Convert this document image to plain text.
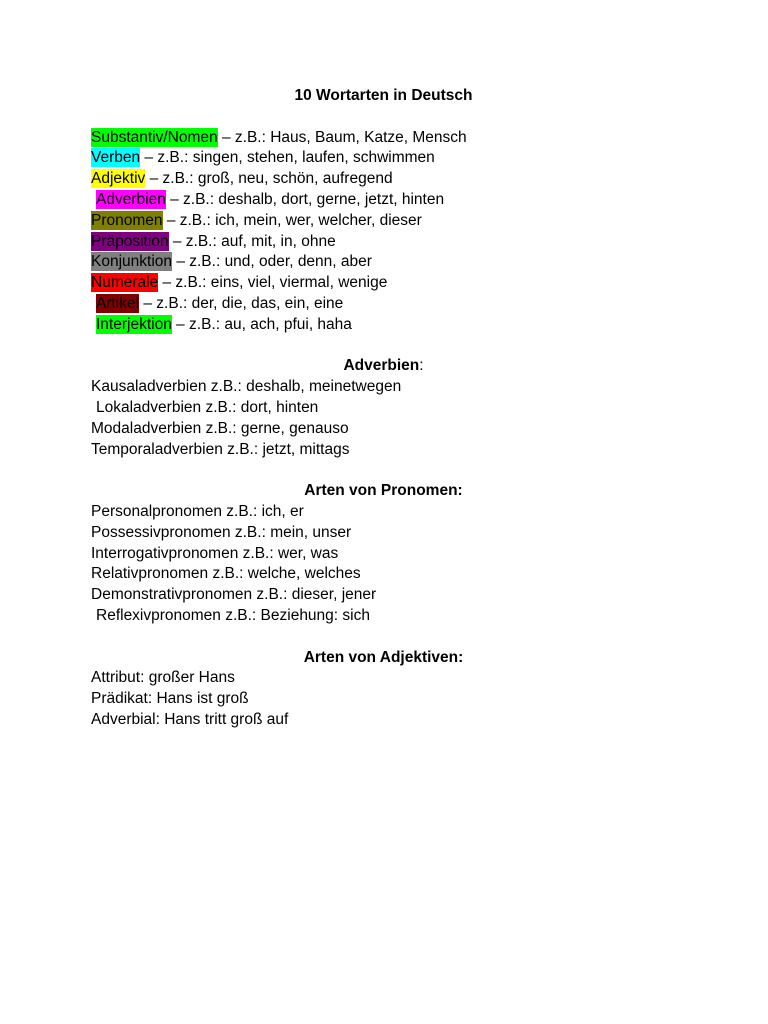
10 Wortarten in Deutsch
Substantiv/Nomen – z.B.: Haus, Baum, Katze, Mensch
Verben – z.B.: singen, stehen, laufen, schwimmen
Adjektiv – z.B.: groß, neu, schön, aufregend
Adverbien – z.B.: deshalb, dort, gerne, jetzt, hinten
Pronomen – z.B.: ich, mein, wer, welcher, dieser
Präposition – z.B.: auf, mit, in, ohne
Konjunktion – z.B.: und, oder, denn, aber
Numerale – z.B.: eins, viel, viermal, wenige
Artikel – z.B.: der, die, das, ein, eine
Interjektion – z.B.: au, ach, pfui, haha
Adverbien:
Kausaladverbien z.B.: deshalb, meinetwegen
Lokaladverbien z.B.: dort, hinten
Modaladverbien z.B.: gerne, genauso
Temporaladverbien z.B.: jetzt, mittags
Arten von Pronomen:
Personalpronomen z.B.: ich, er
Possessivpronomen z.B.: mein, unser
Interrogativpronomen z.B.: wer, was
Relativpronomen z.B.: welche, welches
Demonstrativpronomen z.B.: dieser, jener
Reflexivpronomen z.B.: Beziehung: sich
Arten von Adjektiven:
Attribut: großer Hans
Prädikat: Hans ist groß
Adverbial: Hans tritt groß auf
